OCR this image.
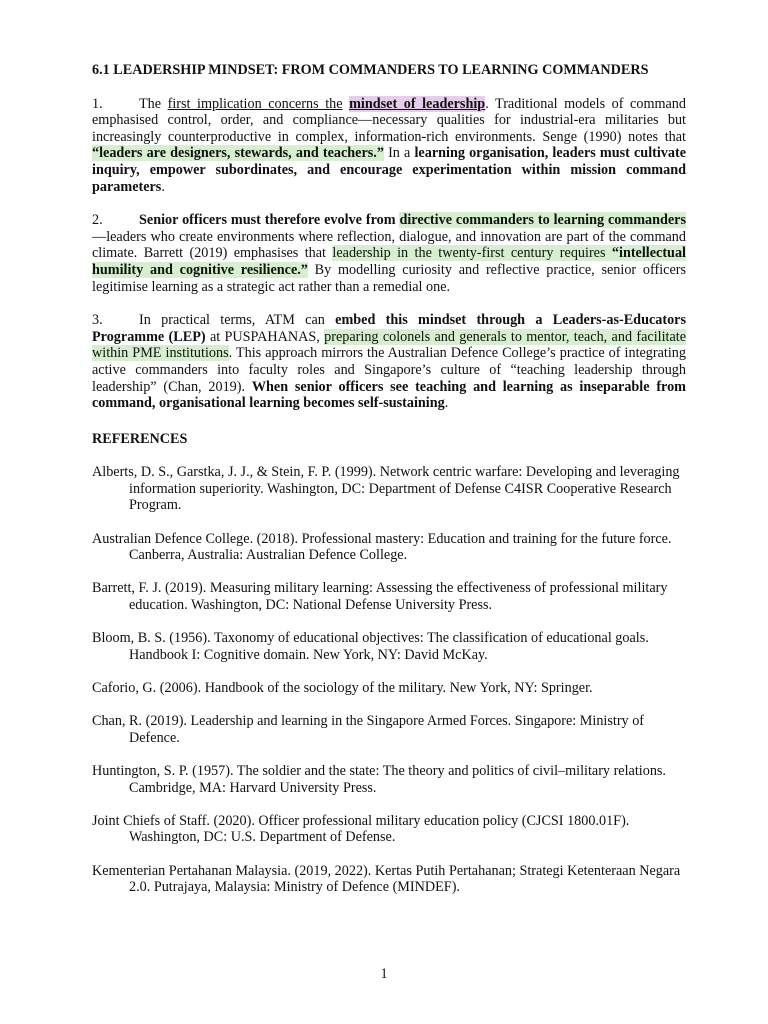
6.1 LEADERSHIP MINDSET: FROM COMMANDERS TO LEARNING COMMANDERS

1.	The first implication concerns the mindset of leadership. Traditional models of command emphasised control, order, and compliance—necessary qualities for industrial-era militaries but increasingly counterproductive in complex, information-rich environments. Senge (1990) notes that “leaders are designers, stewards, and teachers.” In a learning organisation, leaders must cultivate inquiry, empower subordinates, and encourage experimentation within mission command parameters.

2.	Senior officers must therefore evolve from directive commanders to learning commanders—leaders who create environments where reflection, dialogue, and innovation are part of the command climate. Barrett (2019) emphasises that leadership in the twenty-first century requires “intellectual humility and cognitive resilience.” By modelling curiosity and reflective practice, senior officers legitimise learning as a strategic act rather than a remedial one.

3.	In practical terms, ATM can embed this mindset through a Leaders-as-Educators Programme (LEP) at PUSPAHANAS, preparing colonels and generals to mentor, teach, and facilitate within PME institutions. This approach mirrors the Australian Defence College’s practice of integrating active commanders into faculty roles and Singapore’s culture of “teaching leadership through leadership” (Chan, 2019). When senior officers see teaching and learning as inseparable from command, organisational learning becomes self-sustaining.

REFERENCES

Alberts, D. S., Garstka, J. J., & Stein, F. P. (1999). Network centric warfare: Developing and leveraging information superiority. Washington, DC: Department of Defense C4ISR Cooperative Research Program.

Australian Defence College. (2018). Professional mastery: Education and training for the future force. Canberra, Australia: Australian Defence College.

Barrett, F. J. (2019). Measuring military learning: Assessing the effectiveness of professional military education. Washington, DC: National Defense University Press.

Bloom, B. S. (1956). Taxonomy of educational objectives: The classification of educational goals. Handbook I: Cognitive domain. New York, NY: David McKay.

Caforio, G. (2006). Handbook of the sociology of the military. New York, NY: Springer.

Chan, R. (2019). Leadership and learning in the Singapore Armed Forces. Singapore: Ministry of Defence.

Huntington, S. P. (1957). The soldier and the state: The theory and politics of civil–military relations. Cambridge, MA: Harvard University Press.

Joint Chiefs of Staff. (2020). Officer professional military education policy (CJCSI 1800.01F). Washington, DC: U.S. Department of Defense.

Kementerian Pertahanan Malaysia. (2019, 2022). Kertas Putih Pertahanan; Strategi Ketenteraan Negara 2.0. Putrajaya, Malaysia: Ministry of Defence (MINDEF).

1
